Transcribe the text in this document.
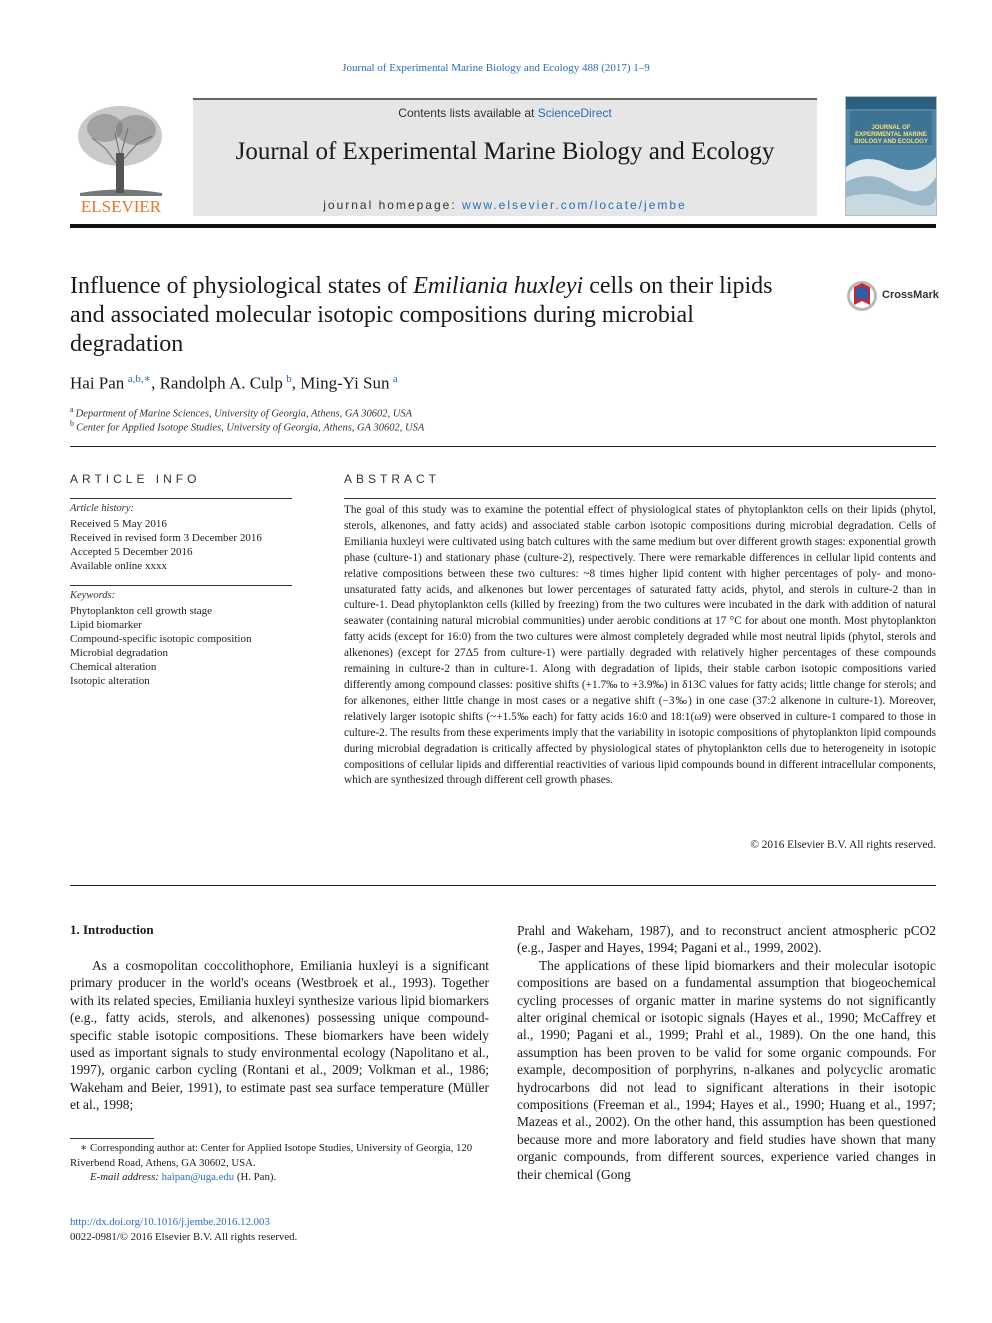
Journal of Experimental Marine Biology and Ecology 488 (2017) 1–9
ELSEVIER
Contents lists available at ScienceDirect
Journal of Experimental Marine Biology and Ecology
journal homepage: www.elsevier.com/locate/jembe
JOURNAL OF EXPERIMENTAL MARINE BIOLOGY AND ECOLOGY
Influence of physiological states of Emiliania huxleyi cells on their lipids and associated molecular isotopic compositions during microbial degradation
CrossMark
Hai Pan  $^{a,b,∗}$, Randolph A. Culp  $^b$, Ming-Yi Sun  $^a$
$^a$  Department of Marine Sciences, University of Georgia, Athens, GA 30602, USA
$^b$  Center for Applied Isotope Studies, University of Georgia, Athens, GA 30602, USA
ARTICLE INFO
Article history:
Received 5 May 2016
Received in revised form 3 December 2016
Accepted 5 December 2016
Available online xxxx
Keywords:
Phytoplankton cell growth stage
Lipid biomarker
Compound-specific isotopic composition
Microbial degradation
Chemical alteration
Isotopic alteration
ABSTRACT
The goal of this study was to examine the potential effect of physiological states of phytoplankton cells on their lipids (phytol, sterols, alkenones, and fatty acids) and associated stable carbon isotopic compositions during microbial degradation. Cells of Emiliania huxleyi were cultivated using batch cultures with the same medium but over different growth stages: exponential growth phase (culture-1) and stationary phase (culture-2), respectively. There were remarkable differences in cellular lipid contents and relative compositions between these two cultures: ~8 times higher lipid content with higher percentages of poly- and mono-unsaturated fatty acids, and alkenones but lower percentages of saturated fatty acids, phytol, and sterols in culture-2 than in culture-1. Dead phytoplankton cells (killed by freezing) from the two cultures were incubated in the dark with addition of natural seawater (containing natural microbial communities) under aerobic conditions at 17 °C for about one month. Most phytoplankton fatty acids (except for 16:0) from the two cultures were almost completely degraded while most neutral lipids (phytol, sterols and alkenones) (except for 27Δ5 from culture-1) were partially degraded with relatively higher percentages of these compounds remaining in culture-2 than in culture-1. Along with degradation of lipids, their stable carbon isotopic compositions varied differently among compound classes: positive shifts (+1.7‰ to +3.9‰) in δ13C values for fatty acids; little change for sterols; and for alkenones, either little change in most cases or a negative shift (−3‰) in one case (37:2 alkenone in culture-1). Moreover, relatively larger isotopic shifts (~+1.5‰ each) for fatty acids 16:0 and 18:1(ω9) were observed in culture-1 compared to those in culture-2. The results from these experiments imply that the variability in isotopic compositions of phytoplankton lipid compounds during microbial degradation is critically affected by physiological states of phytoplankton cells due to heterogeneity in isotopic compositions of cellular lipids and differential reactivities of various lipid compounds bound in different intracellular components, which are synthesized through different cell growth phases.
© 2016 Elsevier B.V. All rights reserved.
1. Introduction

As a cosmopolitan coccolithophore, Emiliania huxleyi is a significant primary producer in the world's oceans (Westbroek et al., 1993). Together with its related species, Emiliania huxleyi synthesize various lipid biomarkers (e.g., fatty acids, sterols, and alkenones) possessing unique compound-specific stable isotopic compositions. These biomarkers have been widely used as important signals to study environmental ecology (Napolitano et al., 1997), organic carbon cycling (Rontani et al., 2009; Volkman et al., 1986; Wakeham and Beier, 1991), to estimate past sea surface temperature (Müller et al., 1998;

Prahl and Wakeham, 1987), and to reconstruct ancient atmospheric pCO2 (e.g., Jasper and Hayes, 1994; Pagani et al., 1999, 2002).

The applications of these lipid biomarkers and their molecular isotopic compositions are based on a fundamental assumption that biogeochemical cycling processes of organic matter in marine systems do not significantly alter original chemical or isotopic signals (Hayes et al., 1990; McCaffrey et al., 1990; Pagani et al., 1999; Prahl et al., 1989). On the one hand, this assumption has been proven to be valid for some organic compounds. For example, decomposition of porphyrins, n-alkanes and polycyclic aromatic hydrocarbons did not lead to significant alterations in their isotopic compositions (Freeman et al., 1994; Hayes et al., 1990; Huang et al., 1997; Mazeas et al., 2002). On the other hand, this assumption has been questioned because more and more laboratory and field studies have shown that many organic compounds, from different sources, experience varied changes in their chemical (Gong

∗ Corresponding author at: Center for Applied Isotope Studies, University of Georgia, 120 Riverbend Road, Athens, GA 30602, USA.
E-mail address: haipan@uga.edu (H. Pan).
http://dx.doi.org/10.1016/j.jembe.2016.12.003
0022-0981/© 2016 Elsevier B.V. All rights reserved.
